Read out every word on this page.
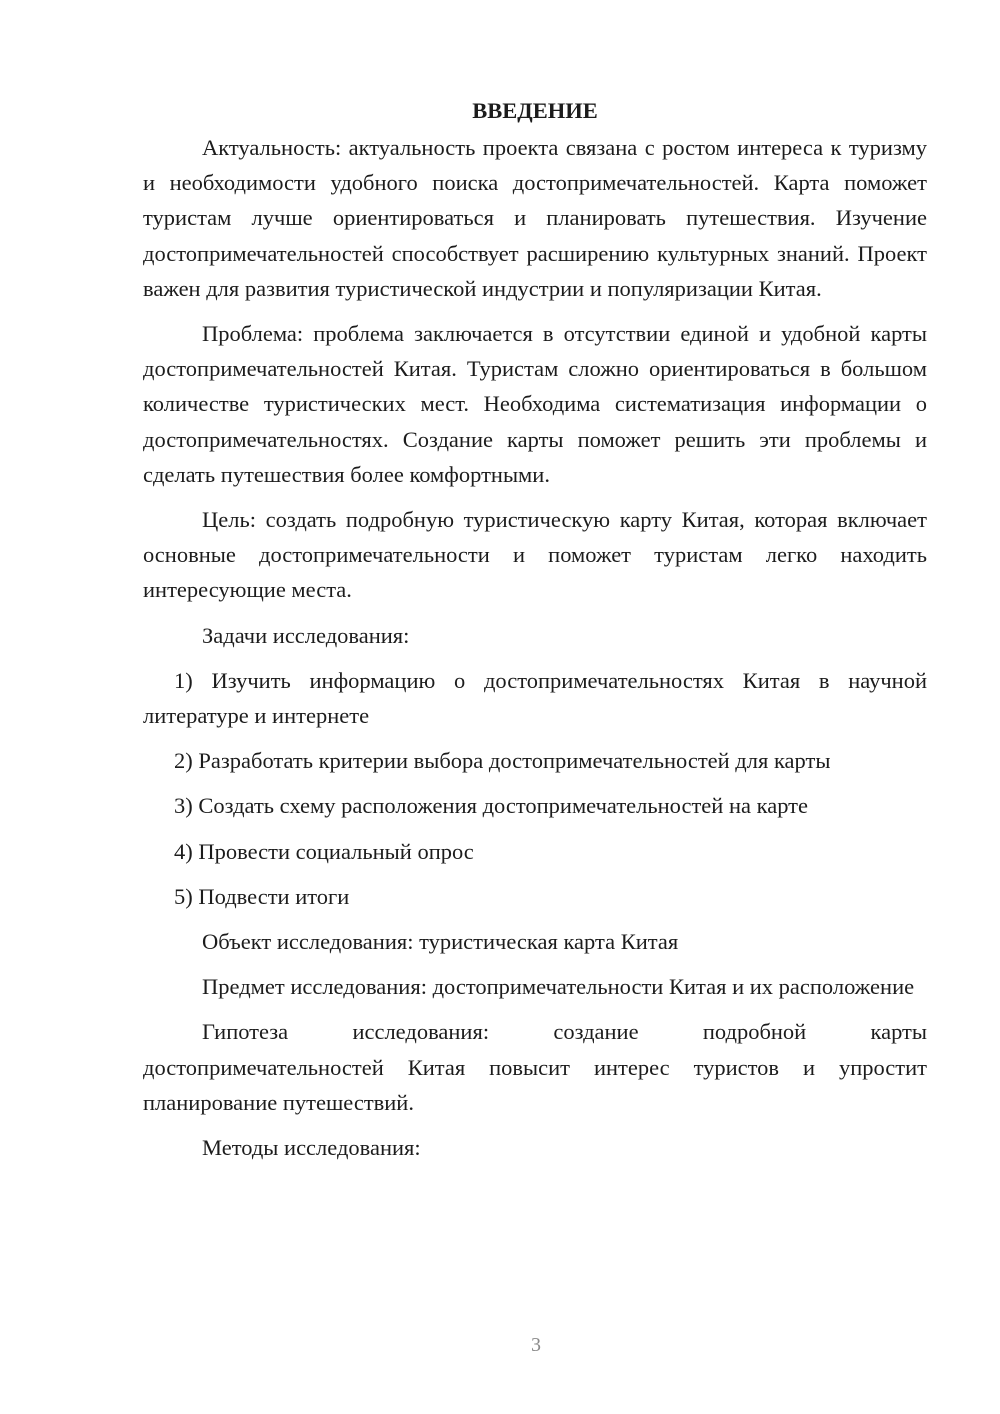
ВВЕДЕНИЕ

Актуальность: актуальность проекта связана с ростом интереса к туризму и необходимости удобного поиска достопримечательностей. Карта поможет туристам лучше ориентироваться и планировать путешествия. Изучение достопримечательностей способствует расширению культурных знаний. Проект важен для развития туристической индустрии и популяризации Китая.

Проблема: проблема заключается в отсутствии единой и удобной карты достопримечательностей Китая. Туристам сложно ориентироваться в большом количестве туристических мест. Необходима систематизация информации о достопримечательностях. Создание карты поможет решить эти проблемы и сделать путешествия более комфортными.

Цель: создать подробную туристическую карту Китая, которая включает основные достопримечательности и поможет туристам легко находить интересующие места.

Задачи исследования:

1) Изучить информацию о достопримечательностях Китая в научной литературе и интернете

2) Разработать критерии выбора достопримечательностей для карты

3) Создать схему расположения достопримечательностей на карте

4) Провести социальный опрос

5) Подвести итоги

Объект исследования: туристическая карта Китая

Предмет исследования: достопримечательности Китая и их расположение

Гипотеза исследования: создание подробной карты достопримечательностей Китая повысит интерес туристов и упростит планирование путешествий.

Методы исследования:

3
